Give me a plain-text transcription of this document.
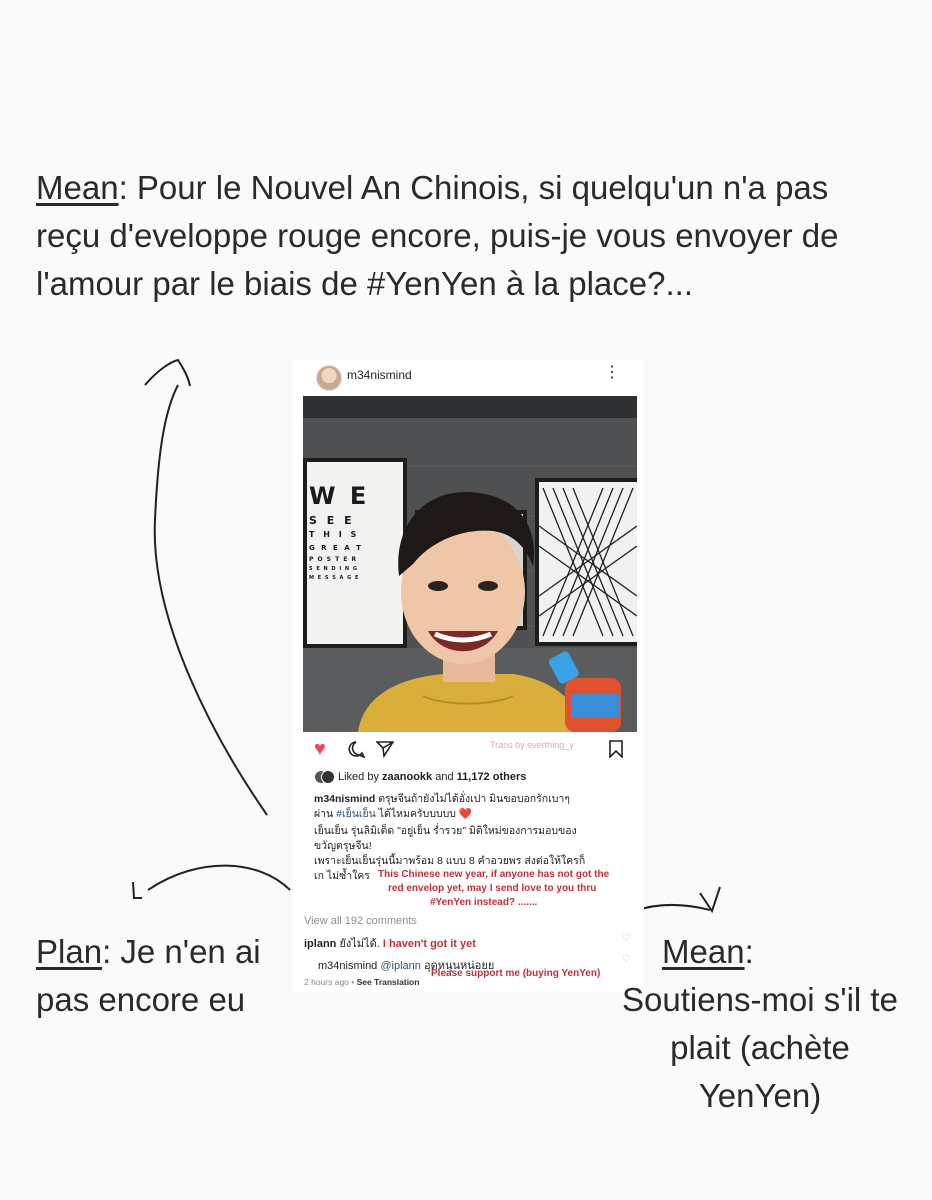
Mean: Pour le Nouvel An Chinois, si quelqu'un n'a pas reçu d'eveloppe rouge encore, puis-je vous envoyer de l'amour par le biais de #YenYen à la place?...
m34nismind	⋮
W E
S E E
T H I S
G R E A T
P O S T E R
S E N D I N G
M E S S A G E
♥	Trans by everthing_y
Liked by zaanookk and 11,172 others
m34nismind ตรุษจีนถ้ายังไม่ได้อั่งเปา มินขอบอกรักเบาๆ
ผ่าน #เย็นเย็น ได้ไหมครับบบบบ ❤️
เย็นเย็น รุ่นลิมิเต็ด "อยู่เย็น ร่ำรวย" มิติใหม่ของการมอบของ
ขวัญตรุษจีน!
เพราะเย็นเย็นรุ่นนี้มาพร้อม 8 แบบ 8 คำอวยพร ส่งต่อให้ใครก็
เก ไม่ซ้ำใคร This Chinese new year, if anyone has not got the
red envelop yet, may I send love to you thru
#YenYen instead? .......
View all 192 comments
iplann ยังไม่ได้. I haven't got it yet	♡
m34nismind @iplann อุดหนุนหน่อยย
Please support me (buying YenYen)
♡
2 hours ago • See Translation
Plan: Je n'en ai pas encore eu
Mean:
Soutiens-moi s'il te plait (achète YenYen)
